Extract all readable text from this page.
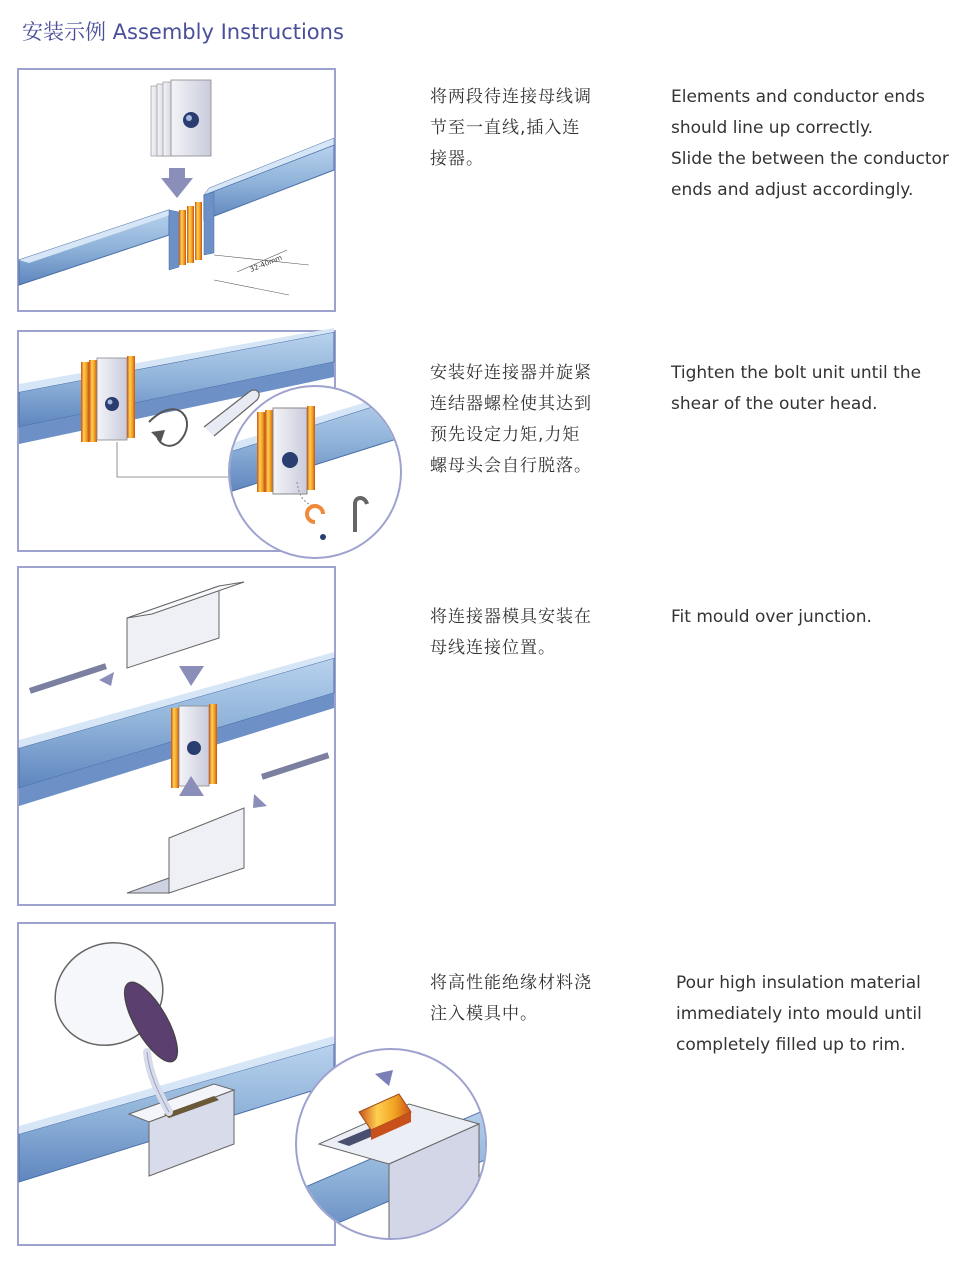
安装示例 Assembly Instructions
32-40mm
将两段待连接母线调
节至一直线,插入连
接器。
Elements and conductor ends
should line up correctly.
Slide the between the conductor
ends and adjust accordingly.
安装好连接器并旋紧
连结器螺栓使其达到
预先设定力矩,力矩
螺母头会自行脱落。
Tighten the bolt unit until the
shear of the outer head.
将连接器模具安装在
母线连接位置。
Fit mould over junction.
将高性能绝缘材料浇
注入模具中。
Pour high insulation material
immediately into mould until
completely filled up to rim.
